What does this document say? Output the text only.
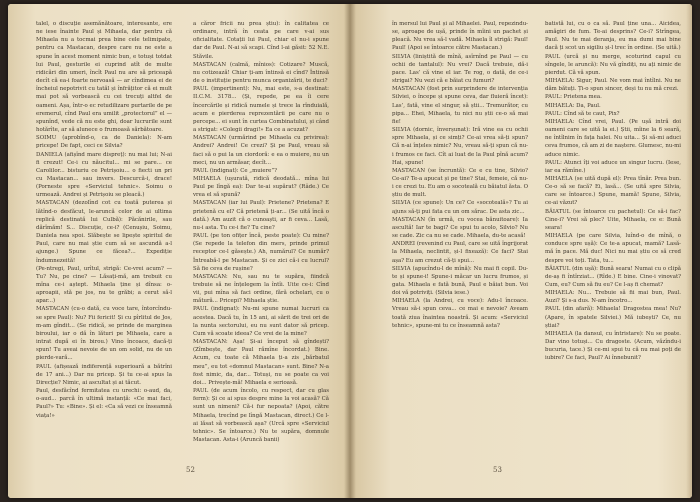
talel, o discuție asemănătoare, interesante, ere ne iese înainte Paul și Mihaela, dar pentru că Mihaela nu a tocmai prea bine cele telimipate, pentru ca Mastacan, despre care nu ne este a spune în acest moment nimic bun, e totuși totdat lui Paul, gesturile ei cuprind atît de multe ridicări din umeri, încît Paul nu are să priceapă decît că ea-i foarte nervoasă — ar cîndimea ei de încheiul nepotrivit cu tatăl și înfrățitor că ei mult mai pot să vorbească cu cei trecuți altfel de oameni. Așa, într-o ec retudilizare purtarile de pe eremerul, cînd Paul era umilit „protectorul” el — spunînd, vede că nu este ghi, doar lucrurile sunt hotărîte, ar să alunece o frumoasă sărbătoare.

SOIMU (aprobînd-o, ca de Daniela): N-am pricepe! De fapt, ceci ce Silvia?

DANIELA (afișînd mare dispreț): nu mai lui; N-ai fi crezut! Ce-i cu năucitul... mi se pare... ce Carolilor... bisturiu ce Petrișoiu... o fiecti un pri cu Mastacan... sau invers. Descurcă-i, drace! (Porneste spre «Serviciul tehnic». Soimu o urmează. Andrei și Petrișoiu se pleacă.)

MASTACAN (dezolînd cot cu toată puterea și lătînd-o desfăcut, le-aruncă celor de ai ultima replică destinată lui Culbă): Păcănirile, sau dărîmăm! S... Discuție, ce-i? (Cenușiu, Soimu, Daniela nea spoi. Slăbește se lipește spiritul de Paul, care nu mai știe cum să se ascundă a-l ajunge.) Spune ce făcea?... Expediție îndumnezeită!

(Pe-ntregi, Paul, urîtul, strigă: Ce-vrei acum? — Tu? Nu, pe cine? — Lăsați-mă, am trebuit cu mîna ce-i aștept. Mihaela ține și dînsa: o-aproapii, stă pe jos, nu te grăbi; a cerut să-l apar...)

MASTACAN (cu-o dată, cu voce tare, întorcîndu-se spre Paul): Nu? Fii fericit! Și cu pîrlitul de Jos, m-am gîndit... (Se ridică, se prinde de marginea biroului, iar o dă în lături pe Mihaela, care a intrat după ei în birou.) Vino încoace, dacă-ți spun! Tu aveai nevoie de un om solid, nu de un pierde-vară...

PAUL (afișează indiferență superioară a bătrîni de 17 ani...) Dar nu pricep. Și tu ce-ai spus la Direcție? Nimic, ai ascultat și ai tăcut.

Paul, desfăcînd fermitatea cu urechi: o-aud, da, o-aud... parcă în ultimă instanță: «Ce mai faci, Paul?» Tu: «Bine». Și el: «Ca să vezi ce înseamnă viața!»

a căror fricii nu prea știu): în calitatea ce ordinare, intră în ceata pe care v-ai sus oficialitate. Cotații lui Paul, chiar el nu-i spune dar de Paul. N-ai să scapi. Cînd l-ai găsit: 52 N.E. Stăvile.

MASTACAN (calmă, mînios): Cotizare? Muscă, nu cotizează! Chiar ți-am întinsă ei cînd? Întinsă de o instituție pentru munca organizării, te duci?

PAUL (impertinent): Nu, mai este, s-a destinat: II.C.M. 3178... (Și, repede, pe ea îi cere încercările și ridică numele și trece la rînduială, acum e pierderea reprezentării pe care nu o percepe... ei sunt în curtea Combinatului, și când a strigat: «Colegii dragi!» Ea ce a acuzat?

MASTACAN (urmărind pe Mihaela cu privirea): Andrei? Andrei! Ce crezi? Și pe Paul, vreau să faci să o pui la un ciordoră: e ea o muiere, nu un meci, nu un armăsar, decît...

PAUL (indignat): Ce „muiere”?

MIHAELA (ușurată, ridică deodată... mîna lui Paul pe lîngă ea): Dar te-ai supărat? (Râde.) Ce vrea el să spună?

MASTACAN (iar lui Paul): Prietene? Prietena? E prietenă cu el? Că prietenă ți-ar... (Se uită încă o dată.) Am auzit că o cunoaști, ar fi ceva... Lasă, nu-i asta. Tu ce-i fie? Tu cine?

PAUL (pe ton ofițer încă, peste poate): Cu mine? (Se repede la telefon din mers, prinde primul receptor ce-l găsește.) Ah, numărul? Ce număr? Întreabă-l pe Mastacan. Și ce zici că-i cu lucrul? Să fie ceva de rușine?

MASTACAN: Nu, sau nu te supăra, fiindcă trebuie să ne înțelegem la întîi. Uite ce-i: Cînd vii, pui mîna să faci ordine, fără ochelari, cu o mătură... Pricepi? Mihaela știe.

PAUL (indignat): Nu-mi spune numai lucruri ca acestea. Dacă tu, în 15 ani, ai sărit de trei ori de la nunta sectorului, eu nu sunt dator să pricep. Cum vă scoate ideea? Ce vrei de la mine?

MASTACAN: Așa! Și-ai început să gîndești? (Zîmbește, dar Paul rămîne încordat.) Bine. Acum, cu toate că Mihaela ți-a zis „bărbatul meu”, eu tot «domnul Mastacan» sunt. Bine? N-a fost nimic, da, dar... Totuși, nu se poate ca voi doi... Privește-mă! Mihaela e serioasă.

PAUL (de acum încolo, cu respect, dar cu glas ferm): Și ce ai spus despre mine la voi acasă? Că sunt un nimeni? Că-i fur nepoata? (Apoi, către Mihaela, trecînd pe lîngă Mastacan, direct.) Ce l-ai lăsat să vorbească așa? (Urcă spre «Serviciul tehnic». Se întoarce.) Nu te supăra, domnule Mastacan. Asta-i (Aruncă banii)

52

în mersul lui Paul și al Mihaelei. Paul, repezindu-se, aproape de ușă, prinde în mîini un pachet și pleacă. Nu vrea să-l vadă. Mihaela îl strigă: Paul! Paul! (Apoi se întoarce către Mastacan.)

SILVIA (liniștită de mînă, asîrnînd pe Paul — cu ochii de tantalul): Nu vrei? Dacă trebuie, dă-i pace. Las’ că vine el iar. Te rog, o dată, de ce-i strigai? Nu vezi că e băiat cu fumuri?

MASTACAN (fost prin surprindere de intervenția Silviei, o începe și spune ceva, dar fluieră încet): Las’, fată, vine el singur, să știi... Tremurător, cu pipa... Ehei, Mihaela, tu nici nu știi ce-o să mai fie!

SILVIA (dornic, înverșunat): Iră vine ea cu ochii spre Mihaela, și ce simți? Ce-ai vrea să-ți spun? Că n-ai înțeles nimic? Nu, vreau să-ți spun că nu-i frumos ce faci. Cît ai luat de la Paul pînă acum? Hai, spune!

MASTACAN (se încruntă): Ce e cu tine, Silvio? Ce-ai? Te-a apucat și pe tine? Stai, femeie, că nu-i ce crezi tu. Eu am o socoteală cu băiatul ăsta. O știu de mult.

SILVIA (ce spune): Un ce? Ce «socoteală»? Tu ai ajuns să-ți pui fata cu un om sărac. De asta zic...

MASTACAN (în urmă, cu vocea bănuitoare): Ia ascultă! Iar te bagi? Ce spui tu acolo, Silvio? Nu se cade. Zic ca nu se cade. Mihaela, du-te acasă!

ANDREI (revenind cu Paul, care se uită îngrijorat la Mihaela, neclintit, și-l fixează): Ce faci? Stai așa? Eu am crezut că-ți spui...

SILVIA (apucîndu-l de mînă): Nu mai fi copil. Du-te și spune-i! Spune-i măcar un lucru frumos, și gata. Mihaela e fată bună, Paul e băiat bun. Voi doi vă potriviți. (Silvia iese.)

MIHAELA (la Andrei, cu voce): Adu-l încoace. Vreau să-i spun ceva... ce mai e nevoie? Aveam toată ziua înaintea noastră. Și acum: «Serviciul tehnic», spune-mi tu ce înseamnă asta?

batistă lui, cu o ca să. Paul ține una... Aicidea, amăgiri de fum. Te-ai desprins? Ce-i? Strîngea, Paul. Nu te mai deranja, eu ma dumi mai bine dacă ți scot un sigiliu și-l trec în ordine. (Se uită.)

PAUL (urcă și nu merge, scoturind capul cu sîngele, le aruncă): Nu vă gîndiți, nu ați nimic de pierdut. Că vă spun.

MIHAELA: Sigur, Paul. Ne vom mai întîlni. Nu ne dăm bătuți. Ți-o spun sincer, deși tu nu mă crezi.

PAUL: Prietena mea.

MIHAELA: Da, Paul.

PAUL: Cînd să te caut, Pix?

MIHAELA: Cînd vrei, Paul. (Pe ușă intră doi oameni care se uită la ei.) Știi, mîine la 6 seară, ne întîlnim în fața halei. Nu uita... Și să-mi aduci ceva frumos, că am zi de naștere. Glumesc, nu-mi aduce nimic.

PAUL: Atunci îți voi aduce un singur lucru. (Iese, iar ea rămîne.)

MIHAELA (se uită după el): Prea tînăr. Prea bun. Ce-o să se facă? Ei, lasă... (Se uită spre Silvia, care se întoarce.) Spune, mamă! Spune, Silvia, ce-ai văzut?

BĂIATUL (se întoarce cu pachetul): Ce să-i fac? Cine-i? Vrei să plec? Uite, Mihaela, ce e: Bună seara!

MIHAELA (pe care Silvia, luînd-o de mînă, o conduce spre ușă): Ce te-a apucat, mamă? Lasă-mă în pace. Mă duc! Nici nu mai știu ce să cred despre voi toți. Tata, tu...

BĂIATUL (din ușă): Bună seara! Numai cu o clipă de-aș fi întîrziat... (Rîde.) E bine. Cine-i vinovat? Cum, eu? Cum să fiu eu? Ce l-aș fi chemat?

MIHAELA: Nu... Trebuie să fii mai bun, Paul. Auzi? Și s-a dus. N-am încotro...

PAUL (din afară): Mihaela! Dragostea mea! Nu? (Apare, în spatele Silviei.) Mă iubești? Ce, nu știai?

MIHAELA (la dansul, cu întristare): Nu se poate. Dar vino totuși... Cu dragoste. (Acum, văzîndu-i bucuria, tace.) Și ce-mi spui tu că nu mai poți de iubire? Ce faci, Paul? Ai înnebunit?

53
